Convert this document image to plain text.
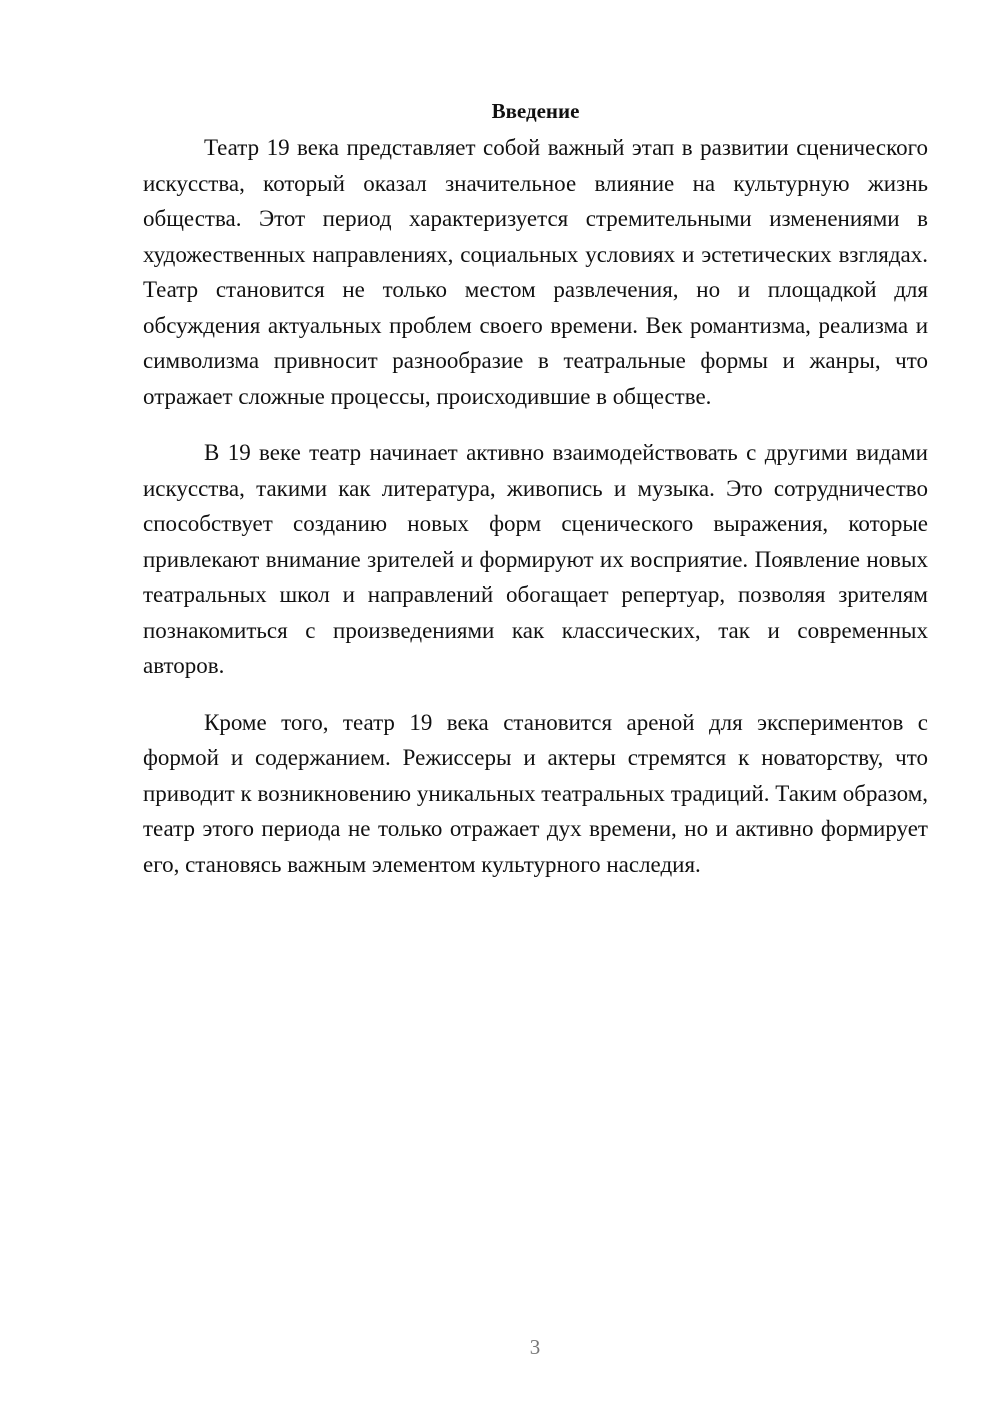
Введение

Театр 19 века представляет собой важный этап в развитии сценического искусства, который оказал значительное влияние на культурную жизнь общества. Этот период характеризуется стремительными изменениями в художественных направлениях, социальных условиях и эстетических взглядах. Театр становится не только местом развлечения, но и площадкой для обсуждения актуальных проблем своего времени. Век романтизма, реализма и символизма привносит разнообразие в театральные формы и жанры, что отражает сложные процессы, происходившие в обществе.

В 19 веке театр начинает активно взаимодействовать с другими видами искусства, такими как литература, живопись и музыка. Это сотрудничество способствует созданию новых форм сценического выражения, которые привлекают внимание зрителей и формируют их восприятие. Появление новых театральных школ и направлений обогащает репертуар, позволяя зрителям познакомиться с произведениями как классических, так и современных авторов.

Кроме того, театр 19 века становится ареной для экспериментов с формой и содержанием. Режиссеры и актеры стремятся к новаторству, что приводит к возникновению уникальных театральных традиций. Таким образом, театр этого периода не только отражает дух времени, но и активно формирует его, становясь важным элементом культурного наследия.

3
